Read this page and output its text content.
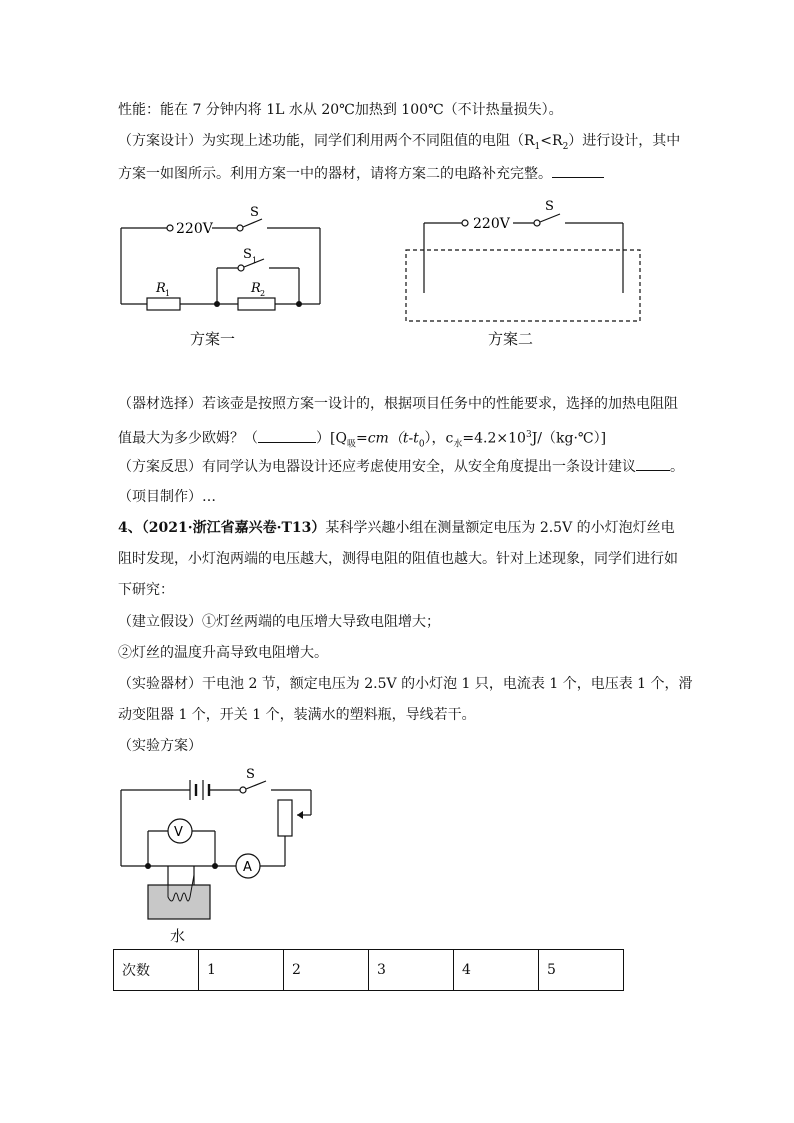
性能：能在 7 分钟内将 1L 水从 20℃加热到 100℃（不计热量损失）。
（方案设计）为实现上述功能，同学们利用两个不同阻值的电阻$(R_1<R_2)$进行设计，其中
方案一如图所示。利用方案一中的器材，请将方案二的电路补充完整。
220V
S
S 1
R 1	R 2
方案一
220V
S
方案二
（器材选择）若该壶是按照方案一设计的，根据项目任务中的性能要求，选择的加热电阻阻
值最大为多少欧姆？（	）[$Q_吸=cm(t-t_0)$，$c_水=4.2\times 10^3J/(kg\cdot℃)$]
（方案反思）有同学认为电器设计还应考虑使用安全，从安全角度提出一条设计建议 。
（项目制作）…
4、（2021·浙江省嘉兴卷·T13）某科学兴趣小组在测量额定电压为 2.5V 的小灯泡灯丝电
阻时发现，小灯泡两端的电压越大，测得电阻的阻值也越大。针对上述现象，同学们进行如
下研究：
（建立假设）①灯丝两端的电压增大导致电阻增大；
②灯丝的温度升高导致电阻增大。
（实验器材）干电池 2 节，额定电压为 2.5V 的小灯泡 1 只，电流表 1 个，电压表 1 个，滑
动变阻器 1 个，开关 1 个，装满水的塑料瓶，导线若干。
（实验方案）
S
V
A
水
次数	1	2	3	4	5
